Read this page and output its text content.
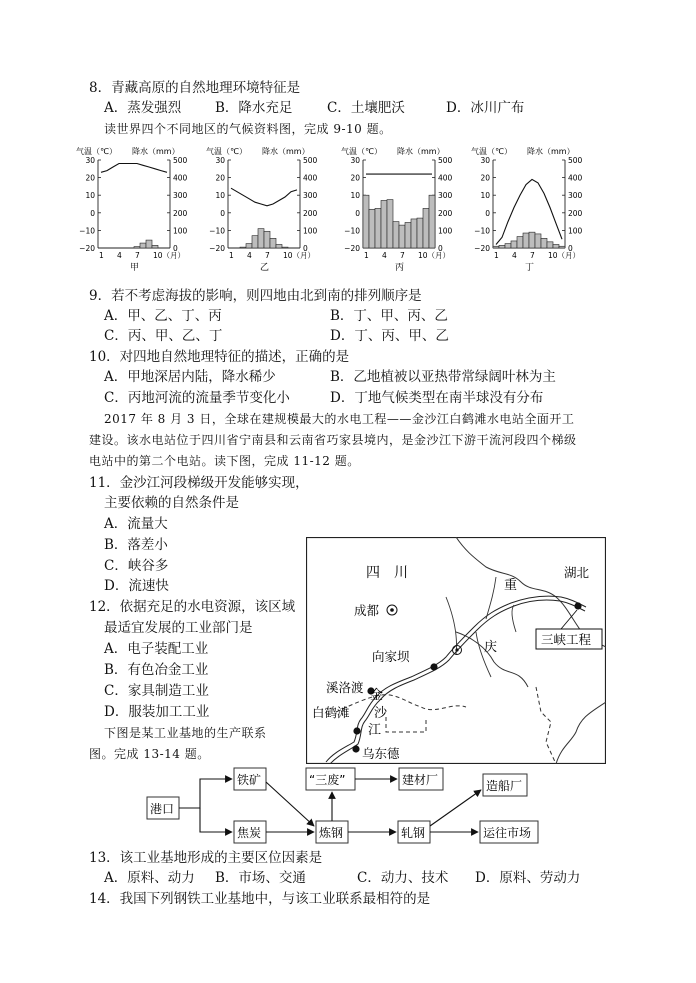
8．青藏高原的自然地理环境特征是
A．蒸发强烈	B．降水充足	C．土壤肥沃	D．冰川广布
读世界四个不同地区的气候资料图，完成 9-10 题。
气温（℃） 降水（mm）
30
20
10
0
−10
−20
500
400
300
200
100
0
1 4 7 10（月）
甲
气温（℃） 降水（mm）
30
20
10
0
−10
−20
500
400
300
200
100
0
1 4 7 10（月）
乙
气温（℃） 降水（mm）
30
20
10
0
−10
−20
500
400
300
200
100
0
1 4 7 10（月）
丙
气温（℃） 降水（mm）
30
20
10
0
−10
−20
500
400
300
200
100
0
1 4 7 10（月）
丁
9．若不考虑海拔的影响，则四地由北到南的排列顺序是
A．甲、乙、丁、丙	B．丁、甲、丙、乙
C．丙、甲、乙、丁	D．丁、丙、甲、乙
10．对四地自然地理特征的描述，正确的是
A．甲地深居内陆，降水稀少	B．乙地植被以亚热带常绿阔叶林为主
C．丙地河流的流量季节变化小	D．丁地气候类型在南半球没有分布
2017 年 8 月 3 日，全球在建规模最大的水电工程——金沙江白鹤滩水电站全面开工
建设。该水电站位于四川省宁南县和云南省巧家县境内，是金沙江下游干流河段四个梯级
电站中的第二个电站。读下图，完成 11-12 题。
11．金沙江河段梯级开发能够实现，
主要依赖的自然条件是
A．流量大
B．落差小
C．峡谷多
D．流速快
12．依据充足的水电资源，该区域
最适宜发展的工业部门是
A．电子装配工业
B．有色冶金工业
C．家具制造工业
D．服装加工工业
下图是某工业基地的生产联系
图。完成 13-14 题。
四　川
成都
重
庆
湖北
向家坝
溪洛渡
白鹤滩
乌东德
金
沙
江
三峡工程
港口
铁矿
焦炭
“三废”	建材厂
炼钢	轧钢
造船厂
运往市场
13．该工业基地形成的主要区位因素是
A．原料、动力 B．市场、交通	C．动力、技术 D．原料、劳动力
14．我国下列钢铁工业基地中，与该工业联系最相符的是
